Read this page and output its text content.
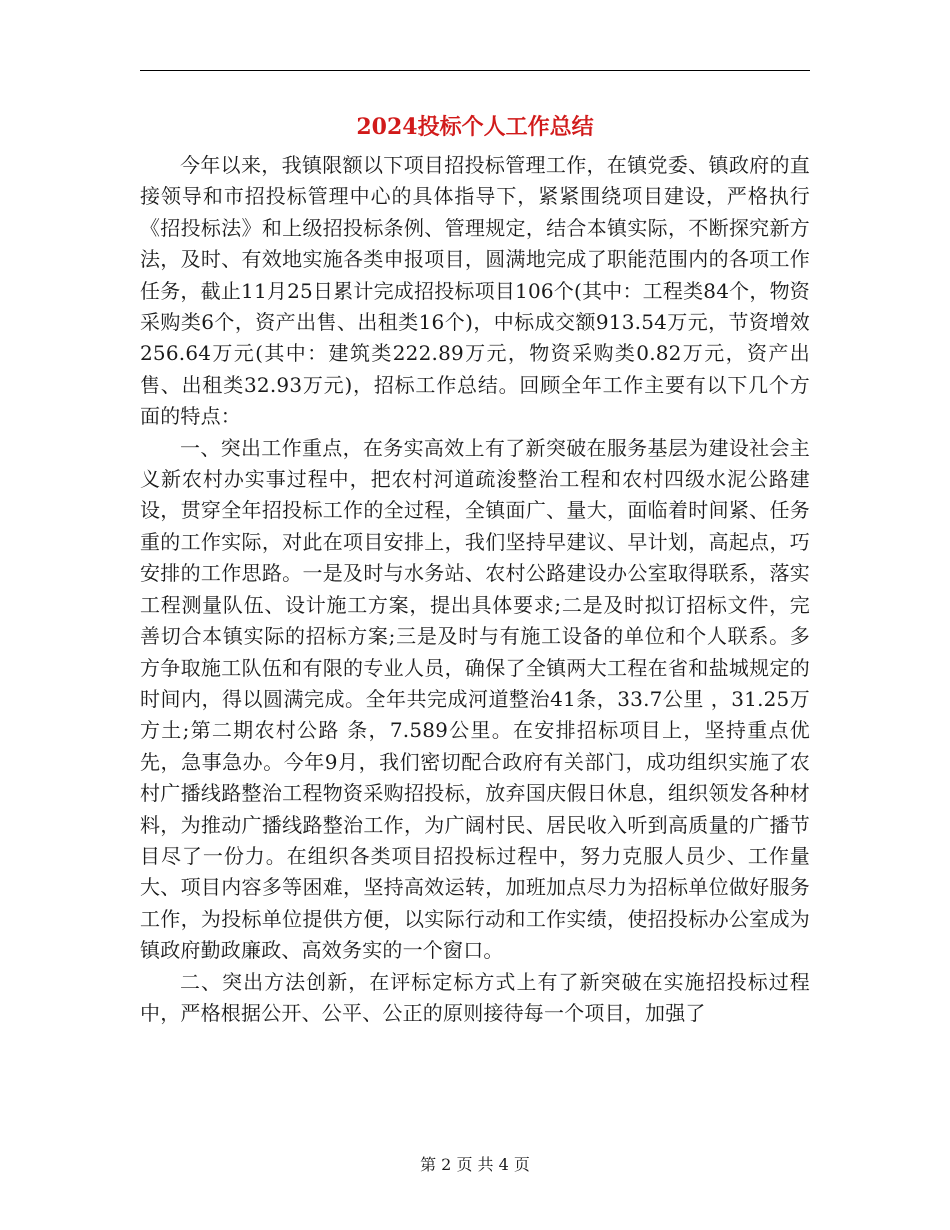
2024投标个人工作总结

今年以来，我镇限额以下项目招投标管理工作，在镇党委、镇政府的直接领导和市招投标管理中心的具体指导下，紧紧围绕项目建设，严格执行《招投标法》和上级招投标条例、管理规定，结合本镇实际，不断探究新方法，及时、有效地实施各类申报项目，圆满地完成了职能范围内的各项工作任务，截止11月25日累计完成招投标项目106个(其中：工程类84个，物资采购类6个，资产出售、出租类16个)，中标成交额913.54万元，节资增效256.64万元(其中：建筑类222.89万元，物资采购类0.82万元，资产出售、出租类32.93万元)，招标工作总结。回顾全年工作主要有以下几个方面的特点：

一、突出工作重点，在务实高效上有了新突破在服务基层为建设社会主义新农村办实事过程中，把农村河道疏浚整治工程和农村四级水泥公路建设，贯穿全年招投标工作的全过程，全镇面广、量大，面临着时间紧、任务重的工作实际，对此在项目安排上，我们坚持早建议、早计划，高起点，巧安排的工作思路。一是及时与水务站、农村公路建设办公室取得联系，落实工程测量队伍、设计施工方案，提出具体要求;二是及时拟订招标文件，完善切合本镇实际的招标方案;三是及时与有施工设备的单位和个人联系。多方争取施工队伍和有限的专业人员，确保了全镇两大工程在省和盐城规定的时间内，得以圆满完成。全年共完成河道整治41条，33.7公里 ，31.25万方土;第二期农村公路 条，7.589公里。在安排招标项目上，坚持重点优先，急事急办。今年9月，我们密切配合政府有关部门，成功组织实施了农村广播线路整治工程物资采购招投标，放弃国庆假日休息，组织领发各种材料，为推动广播线路整治工作，为广阔村民、居民收入听到高质量的广播节目尽了一份力。在组织各类项目招投标过程中，努力克服人员少、工作量大、项目内容多等困难，坚持高效运转，加班加点尽力为招标单位做好服务工作，为投标单位提供方便，以实际行动和工作实绩，使招投标办公室成为镇政府勤政廉政、高效务实的一个窗口。

二、突出方法创新，在评标定标方式上有了新突破在实施招投标过程中，严格根据公开、公平、公正的原则接待每一个项目，加强了

第 2 页 共 4 页
